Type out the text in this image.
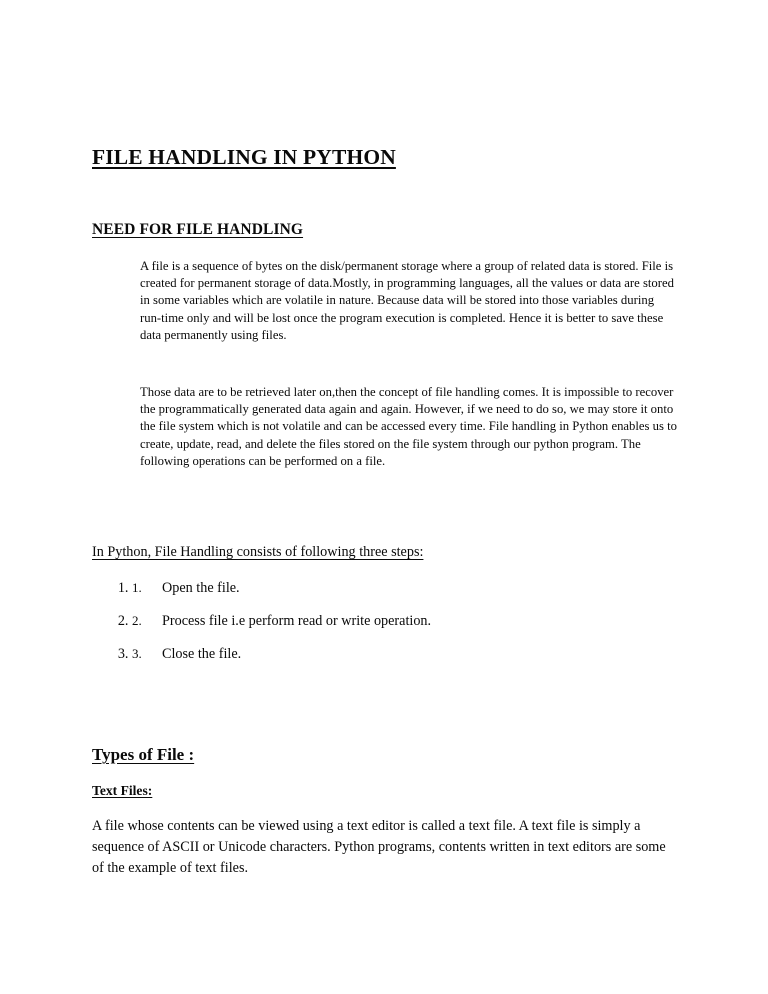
FILE HANDLING IN PYTHON
NEED FOR FILE HANDLING

A file is a sequence of bytes on the disk/permanent storage where a group of related data is stored. File is created for permanent storage of data.Mostly, in programming languages, all the values or data are stored in some variables which are volatile in nature. Because data will be stored into those variables during run-time only and will be lost once the program execution is completed. Hence it is better to save these data permanently using files.

Those data are to be retrieved later on,then the concept of file handling comes. It is impossible to recover the programmatically generated data again and again. However, if we need to do so, we may store it onto the file system which is not volatile and can be accessed every time. File handling in Python enables us to create, update, read, and delete the files stored on the file system through our python program. The following operations can be performed on a file.

In Python, File Handling consists of following three steps:

1. 1.	Open the file.
2. 2.	Process file i.e perform read or write operation.
3. 3.	Close the file.
Types of File :
Text Files:

A file whose contents can be viewed using a text editor is called a text file. A text file is simply a sequence of ASCII or Unicode characters. Python programs, contents written in text editors are some of the example of text files.
